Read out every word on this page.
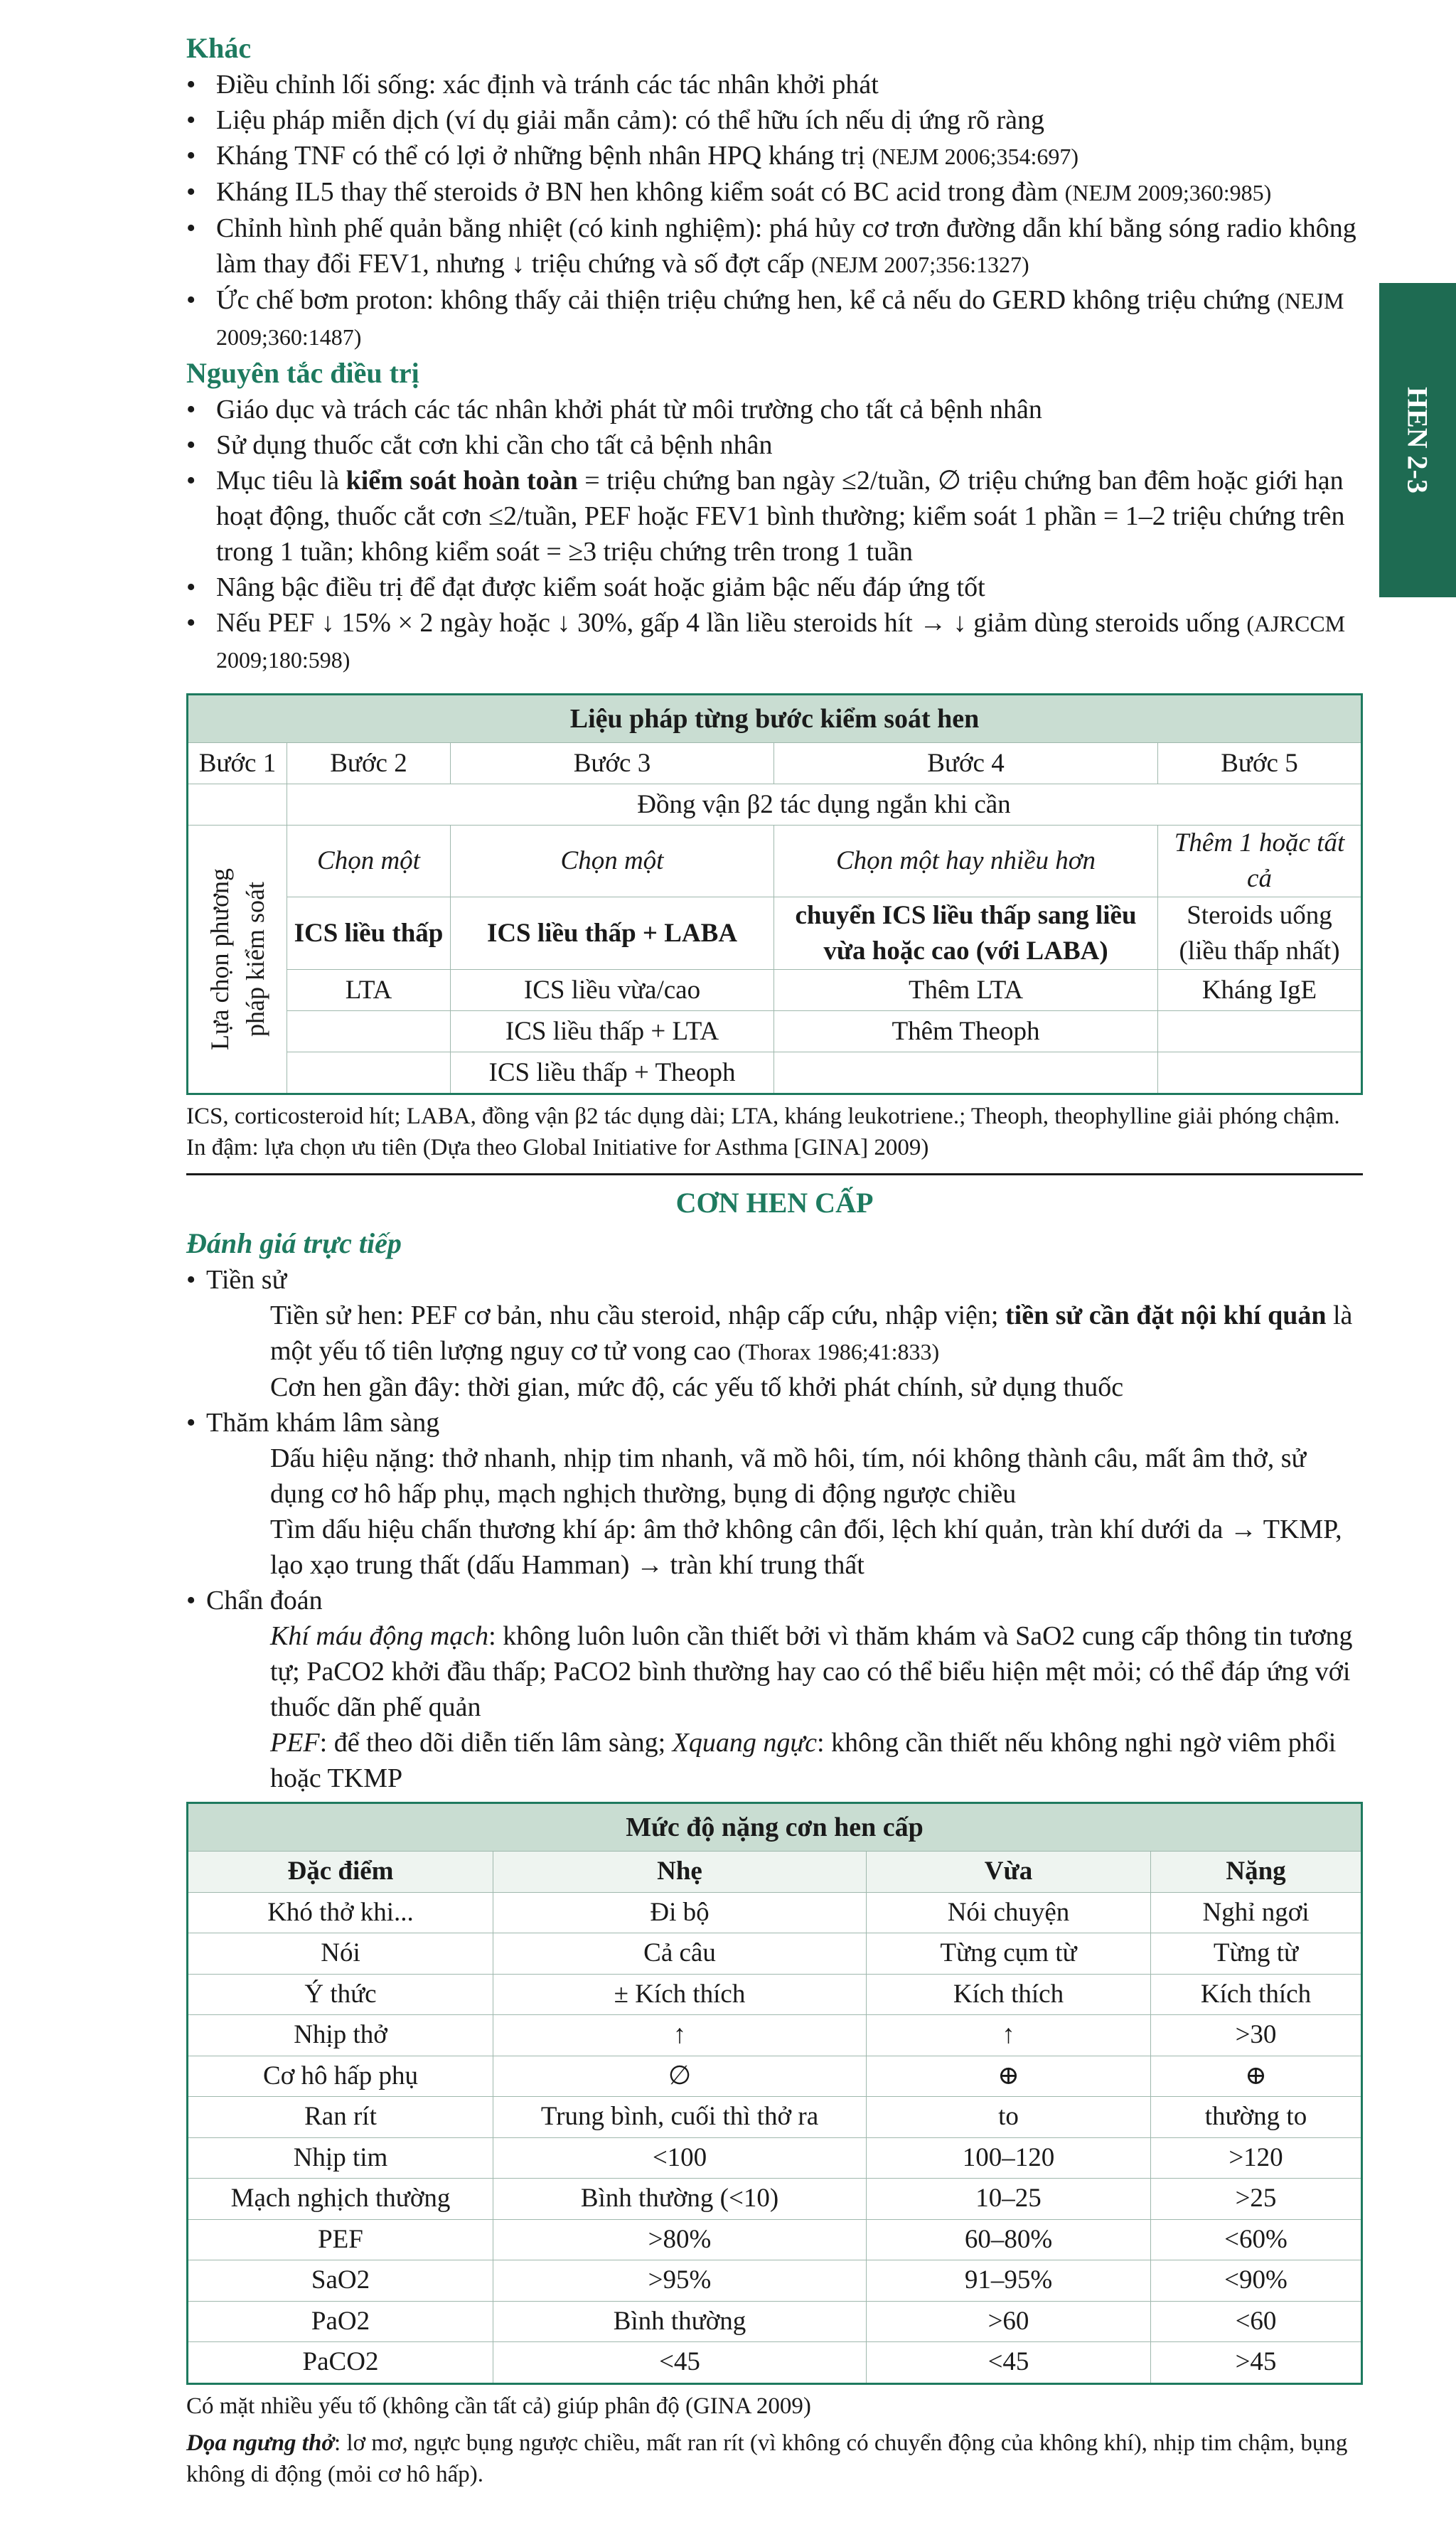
HEN 2-3
Khác
• Điều chỉnh lối sống: xác định và tránh các tác nhân khởi phát
• Liệu pháp miễn dịch (ví dụ giải mẫn cảm): có thể hữu ích nếu dị ứng rõ ràng
• Kháng TNF có thể có lợi ở những bệnh nhân HPQ kháng trị (NEJM 2006;354:697)
• Kháng IL5 thay thế steroids ở BN hen không kiểm soát có BC acid trong đàm (NEJM 2009;360:985)
• Chỉnh hình phế quản bằng nhiệt (có kinh nghiệm): phá hủy cơ trơn đường dẫn khí bằng sóng radio không làm thay đổi FEV1, nhưng ↓ triệu chứng và số đợt cấp (NEJM 2007;356:1327)
• Ức chế bơm proton: không thấy cải thiện triệu chứng hen, kể cả nếu do GERD không triệu chứng (NEJM 2009;360:1487)
Nguyên tắc điều trị
• Giáo dục và trách các tác nhân khởi phát từ môi trường cho tất cả bệnh nhân
• Sử dụng thuốc cắt cơn khi cần cho tất cả bệnh nhân
• Mục tiêu là kiểm soát hoàn toàn = triệu chứng ban ngày ≤2/tuần, ∅ triệu chứng ban đêm hoặc giới hạn hoạt động, thuốc cắt cơn ≤2/tuần, PEF hoặc FEV1 bình thường; kiểm soát 1 phần = 1–2 triệu chứng trên trong 1 tuần; không kiểm soát = ≥3 triệu chứng trên trong 1 tuần
• Nâng bậc điều trị để đạt được kiểm soát hoặc giảm bậc nếu đáp ứng tốt
• Nếu PEF ↓ 15% × 2 ngày hoặc ↓ 30%, gấp 4 lần liều steroids hít → ↓ giảm dùng steroids uống (AJRCCM 2009;180:598)
Liệu pháp từng bước kiểm soát hen				
Bước 1	Bước 2	Bước 3	Bước 4	Bước 5
	Đồng vận β2 tác dụng ngắn khi cần			

Lựa chọn phương pháp kiểm soát	Chọn một	Chọn một	Chọn một hay nhiều hơn	Thêm 1 hoặc tất cả
	ICS liều thấp	ICS liều thấp + LABA	chuyển ICS liều thấp sang liều vừa hoặc cao (với LABA)	Steroids uống (liều thấp nhất)
	LTA	ICS liều vừa/cao	Thêm LTA	Kháng IgE
		ICS liều thấp + LTA	Thêm Theoph	
		ICS liều thấp + Theoph		
ICS, corticosteroid hít; LABA, đồng vận β2 tác dụng dài; LTA, kháng leukotriene.; Theoph, theophylline giải phóng chậm. In đậm: lựa chọn ưu tiên (Dựa theo Global Initiative for Asthma [GINA] 2009)
CƠN HEN CẤP
Đánh giá trực tiếp
• Tiền sử
Tiền sử hen: PEF cơ bản, nhu cầu steroid, nhập cấp cứu, nhập viện; tiền sử cần đặt nội khí quản là một yếu tố tiên lượng nguy cơ tử vong cao (Thorax 1986;41:833)
Cơn hen gần đây: thời gian, mức độ, các yếu tố khởi phát chính, sử dụng thuốc
• Thăm khám lâm sàng
Dấu hiệu nặng: thở nhanh, nhịp tim nhanh, vã mồ hôi, tím, nói không thành câu, mất âm thở, sử dụng cơ hô hấp phụ, mạch nghịch thường, bụng di động ngược chiều
Tìm dấu hiệu chấn thương khí áp: âm thở không cân đối, lệch khí quản, tràn khí dưới da → TKMP, lạo xạo trung thất (dấu Hamman) → tràn khí trung thất
• Chẩn đoán
Khí máu động mạch: không luôn luôn cần thiết bởi vì thăm khám và SaO2 cung cấp thông tin tương tự; PaCO2 khởi đầu thấp; PaCO2 bình thường hay cao có thể biểu hiện mệt mỏi; có thể đáp ứng với thuốc dãn phế quản
PEF: để theo dõi diễn tiến lâm sàng; Xquang ngực: không cần thiết nếu không nghi ngờ viêm phổi hoặc TKMP
Mức độ nặng cơn hen cấp			
Đặc điểm	Nhẹ	Vừa	Nặng
Khó thở khi...	Đi bộ	Nói chuyện	Nghỉ ngơi
Nói	Cả câu	Từng cụm từ	Từng từ
Ý thức	± Kích thích	Kích thích	Kích thích
Nhịp thở	↑	↑	>30
Cơ hô hấp phụ	∅	⊕	⊕
Ran rít	Trung bình, cuối thì thở ra	to	thường to
Nhịp tim	<100	100–120	>120
Mạch nghịch thường	Bình thường (<10)	10–25	>25
PEF	>80%	60–80%	<60%
SaO2	>95%	91–95%	<90%
PaO2	Bình thường	>60	<60
PaCO2	<45	<45	>45
Có mặt nhiều yếu tố (không cần tất cả) giúp phân độ (GINA 2009)
Dọa ngưng thở: lơ mơ, ngực bụng ngược chiều, mất ran rít (vì không có chuyển động của không khí), nhịp tim chậm, bụng không di động (mỏi cơ hô hấp).
